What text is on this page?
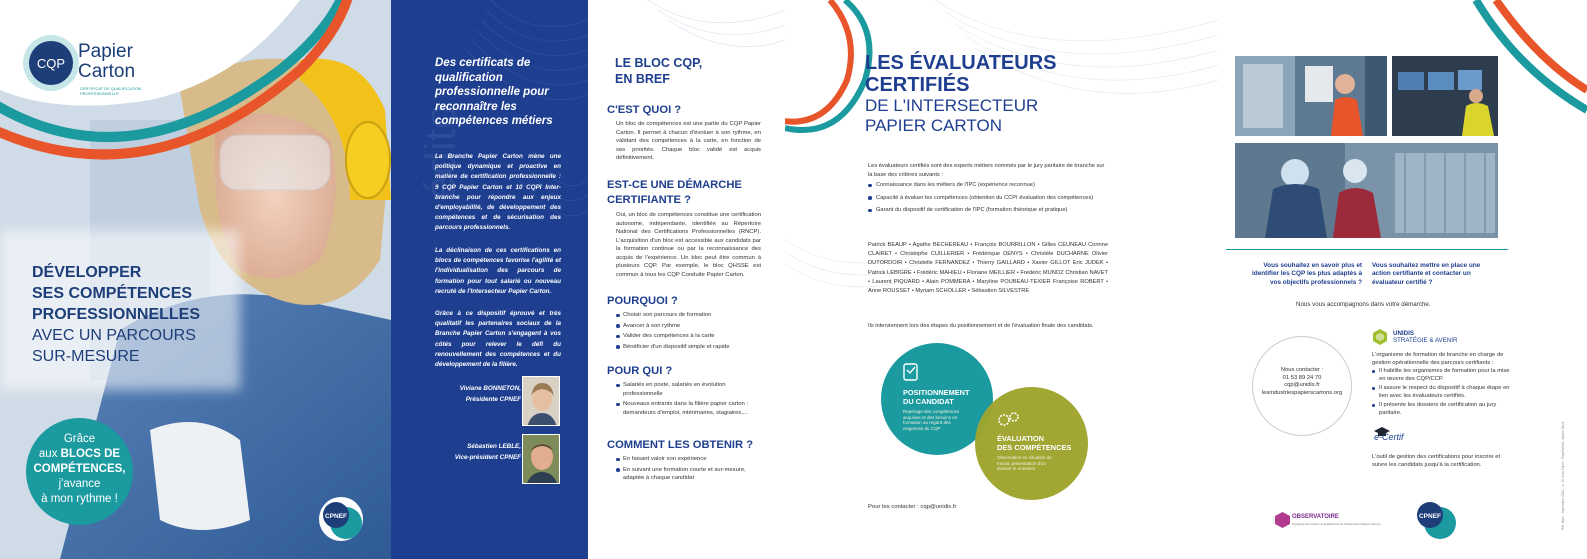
CQP
Papier
Carton
CERTIFICAT DE QUALIFICATION PROFESSIONNELLE
DÉVELOPPER
SES COMPÉTENCES
PROFESSIONNELLES
AVEC UN PARCOURS
SUR-MESURE
Grâce
aux BLOCS DE
COMPÉTENCES,
j'avance
à mon rythme !
CPNEF
édito
Des certificats de qualification professionnelle pour reconnaître les compétences métiers
La Branche Papier Carton mène une politique dynamique et proactive en matière de certification professionnelle : 9 CQP Papier Carton et 10 CQPI Inter-branche pour répondre aux enjeux d'employabilité, de développement des compétences et de sécurisation des parcours professionnels.
La déclinaison de ces certifications en blocs de compétences favorise l'agilité et l'individualisation des parcours de formation pour tout salarié ou nouveau recruté de l'Intersecteur Papier Carton.
Grâce à ce dispositif éprouvé et très qualitatif les partenaires sociaux de la Branche Papier Carton s'engagent à vos côtés pour relever le défi du renouvellement des compétences et du développement de la filière.
Viviane BONNETON,
Présidente CPNEF
Sébastien LEBLE,
Vice-président CPNEF
LE BLOC CQP,
EN BREF
C'EST QUOI ?
Un bloc de compétences est une partie du CQP Papier Carton. Il permet à chacun d'évoluer à son rythme, en validant des compétences à la carte, en fonction de ses priorités. Chaque bloc validé est acquis définitivement.
EST-CE UNE DÉMARCHE CERTIFIANTE ?
Oui, un bloc de compétences constitue une certification autonome, indépendante, identifiée au Répertoire National des Certifications Professionnelles (RNCP). L'acquisition d'un bloc est accessible aux candidats par la formation continue ou par la reconnaissance des acquis de l'expérience. Un bloc peut être commun à plusieurs CQP. Par exemple, le bloc QHSSE est commun à tous les CQP Conduite Papier Carton.
POURQUOI ?
Choisir son parcours de formation
Avancer à son rythme
Valider des compétences à la carte
Bénéficier d'un dispositif simple et rapide
POUR QUI ?
Salariés en poste, salariés en évolution professionnelle
Nouveaux entrants dans la filière papier carton : demandeurs d'emploi, intérimaires, stagiaires,...
COMMENT LES OBTENIR ?
En faisant valoir son expérience
En suivant une formation courte et sur-mesure, adaptée à chaque candidat
LES ÉVALUATEURS
CERTIFIÉS
DE L'INTERSECTEUR
PAPIER CARTON
Les évaluateurs certifiés sont des experts métiers nommés par le jury paritaire de branche sur la base des critères suivants :
Connaissance dans les métiers de l'IPC (expérience reconnue)
Capacité à évaluer les compétences (obtention du CCPI évaluation des compétences)
Garant du dispositif de certification de l'IPC (formation théorique et pratique)
Patrick BEAUP • Agathe BECHEREAU • François BOURRILLON • Gilles CEUNEAU Corinne CLAIRET • Christophe CUILLERIER • Frédérique DENYS • Christèle DUCHARNE Olivier DUTORDOIR • Christelle FERNANDEZ • Thierry GAILLARD • Xavier GILLOT Eric JUDEK • Patrick LEBIGRE • Frédéric MAHIEU • Floriane MEILLIER • Frédéric MUNOZ Christian NAVET • Laurent PIQUARD • Alain POMMERA • Maryline POUBEAU-TEXIER Françoise ROBERT • Anne ROUSSET • Myriam SCHOLLER • Sébastien SILVESTRE
Ils interviennent lors des étapes du positionnement et de l'évaluation finale des candidats.
POSITIONNEMENT
DU CANDIDAT
Repérage des compétences acquises et des besoins en formation au regard des exigences du CQP
ÉVALUATION
DES COMPÉTENCES
Observation en situation de travail, présentation d'un dossier et entretien
Pour les contacter : cqp@unidis.fr
Vous souhaitez en savoir plus et identifier les CQP les plus adaptés à vos objectifs professionnels ?
Vous souhaitez mettre en place une action certifiante et contacter un évaluateur certifié ?
Nous vous accompagnons dans votre démarche.
Nous contacter :
01 53 89 24 70
cqp@unidis.fr
lesindustriespapierscartons.org
UNIDIS
STRATÉGIE & AVENIR
L'organisme de formation de branche en charge de gestion opérationnelle des parcours certifiants :
Il habilite les organismes de formation pour la mise en œuvre des CQP/CCP.
Il assure le respect du dispositif à chaque étape en lien avec les évaluateurs certifiés.
Il présente les dossiers de certification au jury paritaire.
e-Certif
L'outil de gestion des certifications pour inscrire et suivre les candidats jusqu'à la certification.
OBSERVATOIRE
Prospectif des métiers & qualifications de l'Intersecteur Papiers Cartons
CPNEF	Réf. Mars - Septembre 2022 - © M. Kruk Faure - PaperWorld - Adobe Stock
